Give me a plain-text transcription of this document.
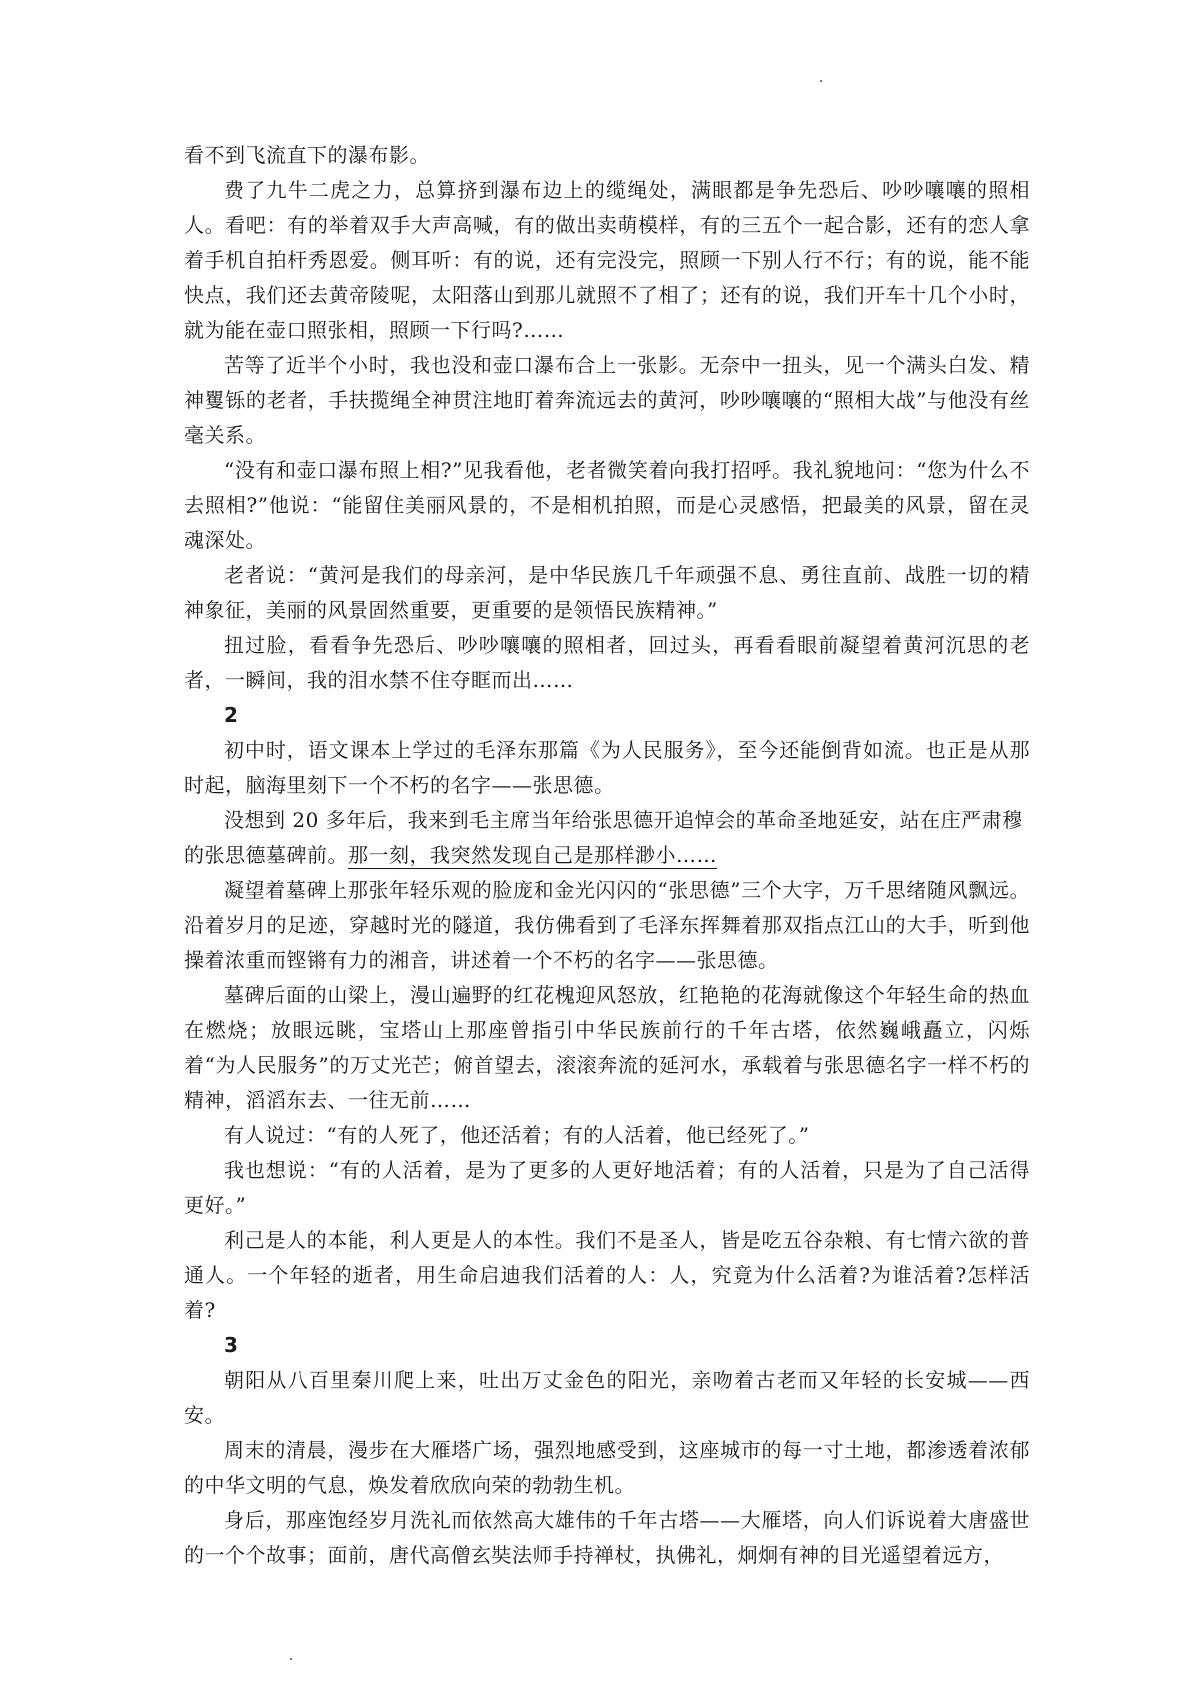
看不到飞流直下的瀑布影。

费了九牛二虎之力，总算挤到瀑布边上的缆绳处，满眼都是争先恐后、吵吵嚷嚷的照相人。看吧：有的举着双手大声高喊，有的做出卖萌模样，有的三五个一起合影，还有的恋人拿着手机自拍杆秀恩爱。侧耳听：有的说，还有完没完，照顾一下别人行不行；有的说，能不能快点，我们还去黄帝陵呢，太阳落山到那儿就照不了相了；还有的说，我们开车十几个小时，就为能在壶口照张相，照顾一下行吗?……

苦等了近半个小时，我也没和壶口瀑布合上一张影。无奈中一扭头，见一个满头白发、精神矍铄的老者，手扶揽绳全神贯注地盯着奔流远去的黄河，吵吵嚷嚷的“照相大战”与他没有丝毫关系。

“没有和壶口瀑布照上相?”见我看他，老者微笑着向我打招呼。我礼貌地问：“您为什么不去照相?”他说：“能留住美丽风景的，不是相机拍照，而是心灵感悟，把最美的风景，留在灵魂深处。

老者说：“黄河是我们的母亲河，是中华民族几千年顽强不息、勇往直前、战胜一切的精神象征，美丽的风景固然重要，更重要的是领悟民族精神。”

扭过脸，看看争先恐后、吵吵嚷嚷的照相者，回过头，再看看眼前凝望着黄河沉思的老者，一瞬间，我的泪水禁不住夺眶而出……

2

初中时，语文课本上学过的毛泽东那篇《为人民服务》，至今还能倒背如流。也正是从那时起，脑海里刻下一个不朽的名字——张思德。

没想到 20 多年后，我来到毛主席当年给张思德开追悼会的革命圣地延安，站在庄严肃穆

的张思德墓碑前。那一刻，我突然发现自己是那样渺小……

凝望着墓碑上那张年轻乐观的脸庞和金光闪闪的“张思德”三个大字，万千思绪随风飘远。沿着岁月的足迹，穿越时光的隧道，我仿佛看到了毛泽东挥舞着那双指点江山的大手，听到他操着浓重而铿锵有力的湘音，讲述着一个不朽的名字——张思德。

墓碑后面的山梁上，漫山遍野的红花槐迎风怒放，红艳艳的花海就像这个年轻生命的热血在燃烧；放眼远眺，宝塔山上那座曾指引中华民族前行的千年古塔，依然巍峨矗立，闪烁着“为人民服务”的万丈光芒；俯首望去，滚滚奔流的延河水，承载着与张思德名字一样不朽的精神，滔滔东去、一往无前……

有人说过：“有的人死了，他还活着；有的人活着，他已经死了。”

我也想说：“有的人活着，是为了更多的人更好地活着；有的人活着，只是为了自己活得更好。”

利己是人的本能，利人更是人的本性。我们不是圣人，皆是吃五谷杂粮、有七情六欲的普通人。一个年轻的逝者，用生命启迪我们活着的人：人，究竟为什么活着?为谁活着?怎样活着?

3

朝阳从八百里秦川爬上来，吐出万丈金色的阳光，亲吻着古老而又年轻的长安城——西安。

周末的清晨，漫步在大雁塔广场，强烈地感受到，这座城市的每一寸土地，都渗透着浓郁的中华文明的气息，焕发着欣欣向荣的勃勃生机。

身后，那座饱经岁月洗礼而依然高大雄伟的千年古塔——大雁塔，向人们诉说着大唐盛世的一个个故事；面前，唐代高僧玄奘法师手持禅杖，执佛礼，炯炯有神的目光遥望着远方，
